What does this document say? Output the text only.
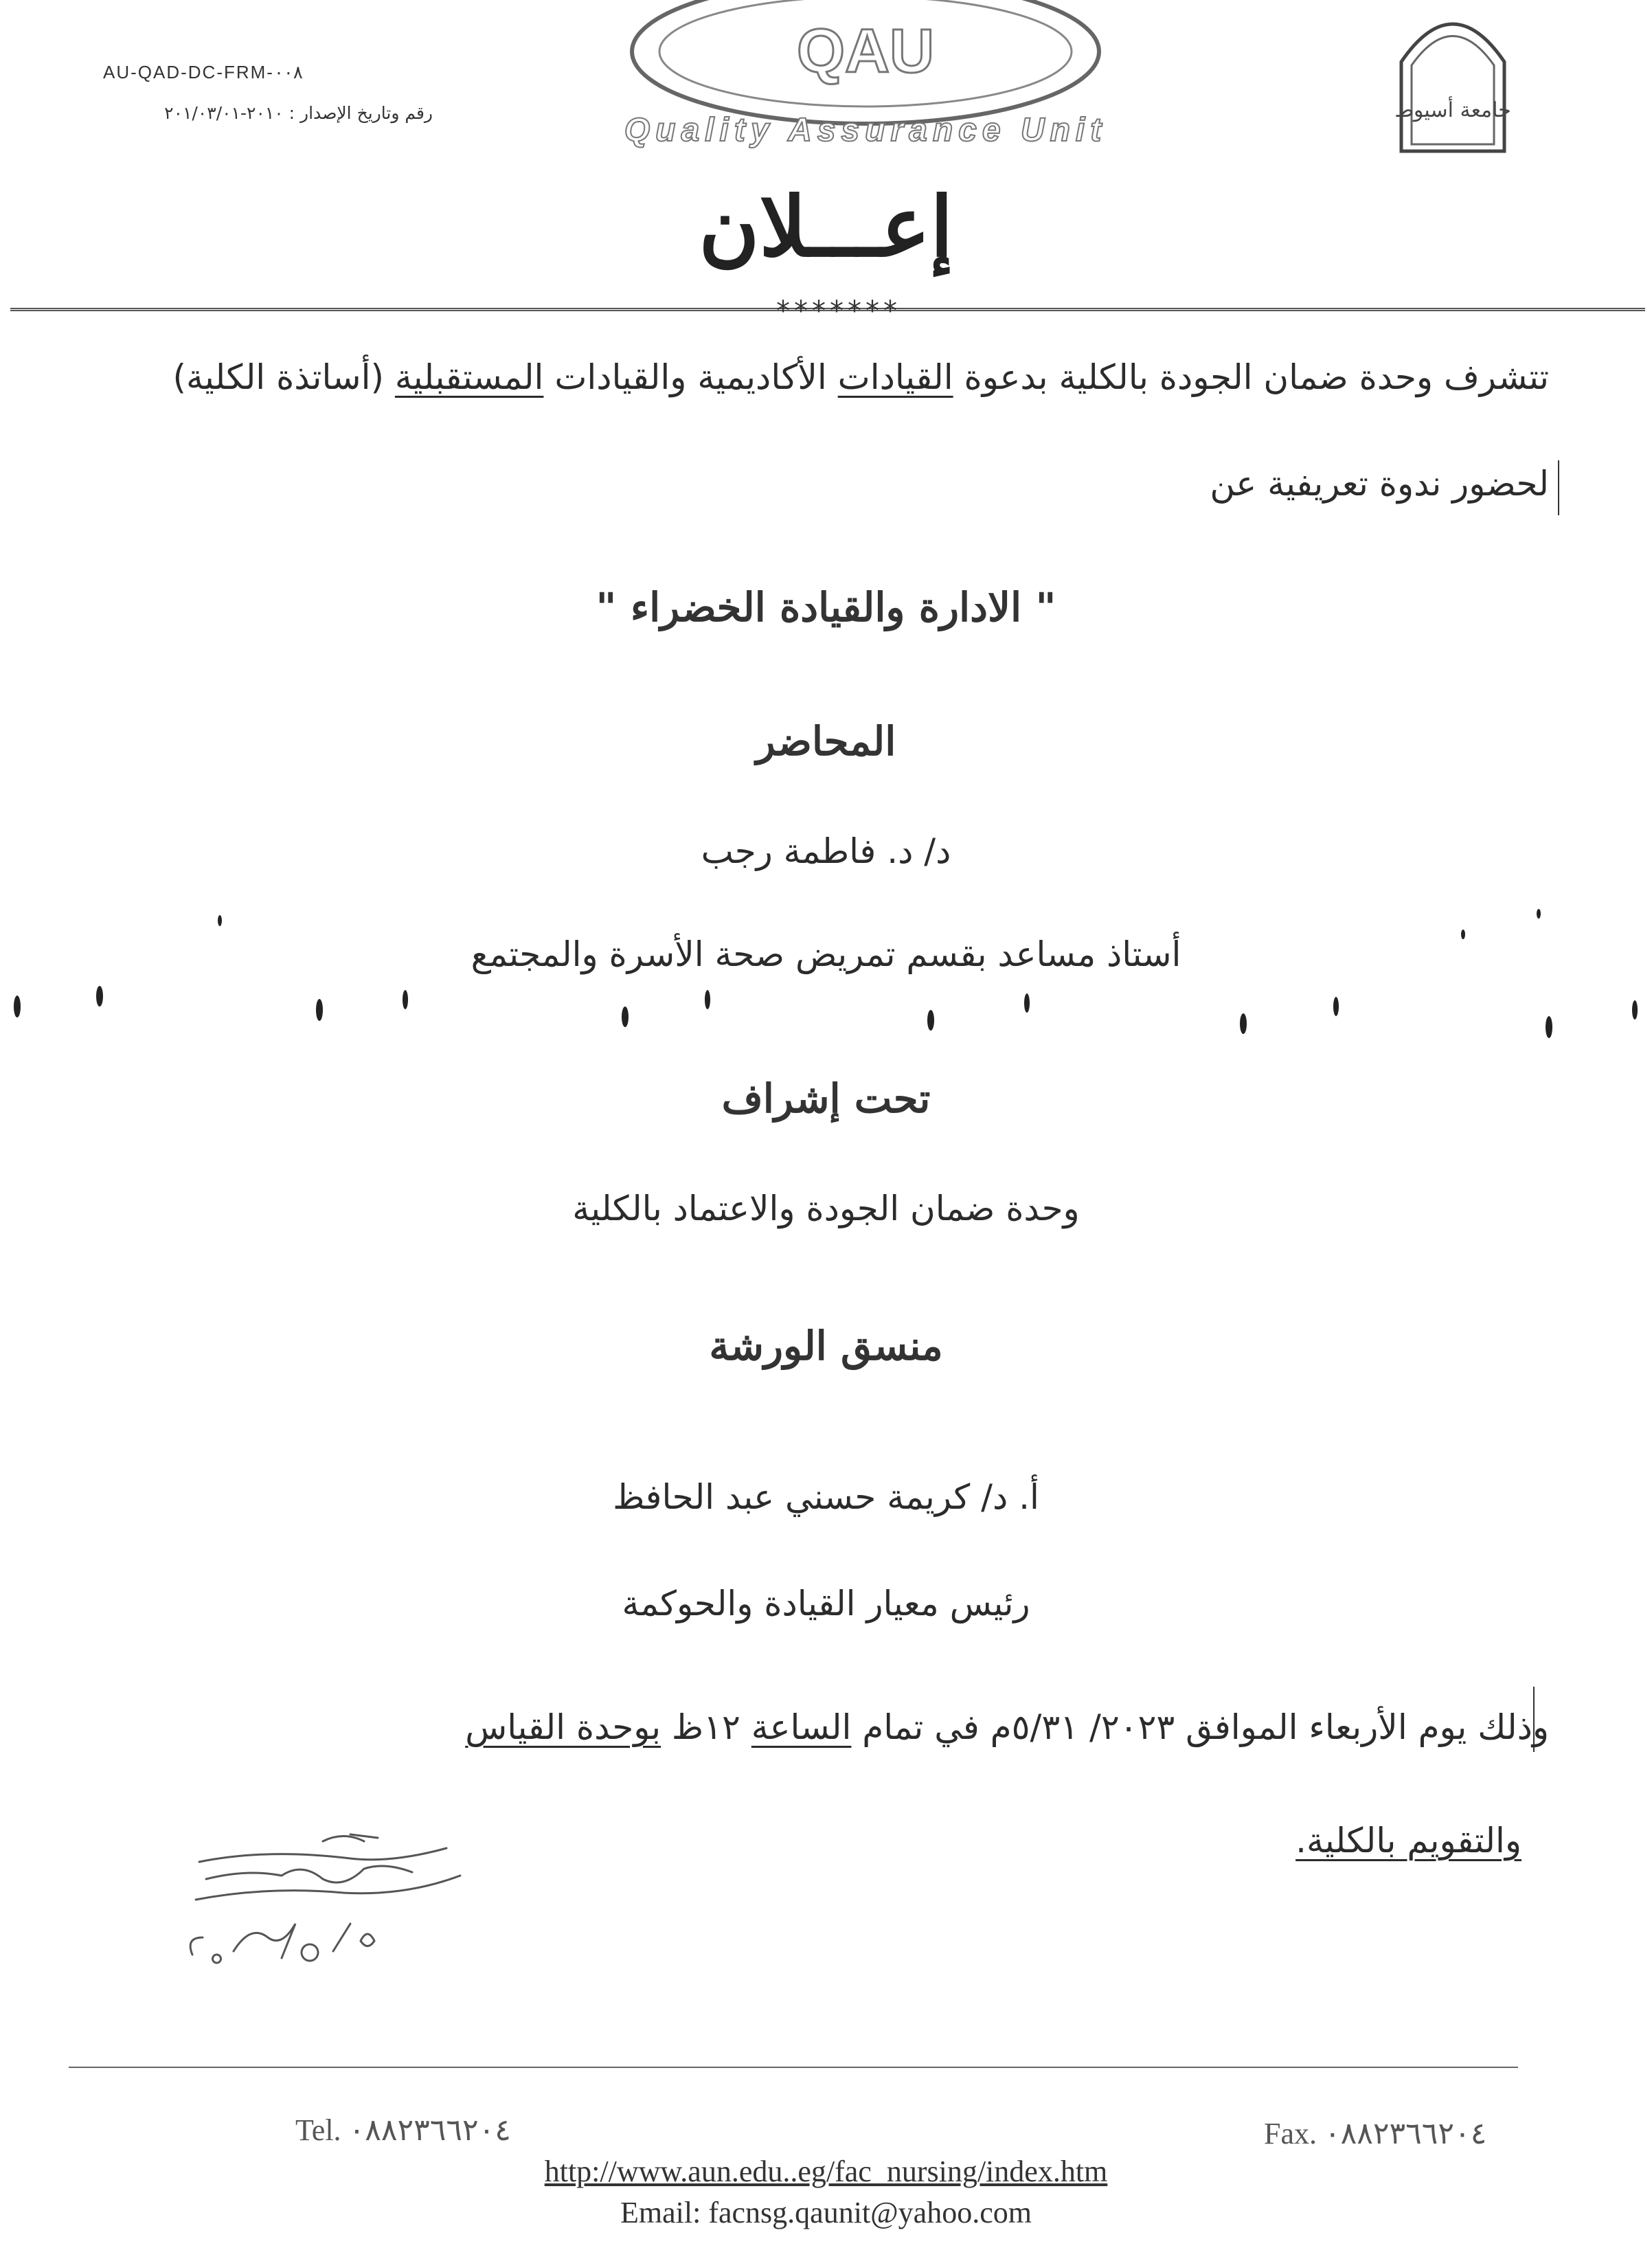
AU-QAD-DC-FRM-٠٠٨
رقم وتاريخ الإصدار : ٢٠١٠-٢٠١/٠٣/٠١
QAU
Quality Assurance Unit
جامعة أسيوط
إعـــلان
*******
تتشرف وحدة ضمان الجودة بالكلية بدعوة القيادات الأكاديمية والقيادات المستقبلية (أساتذة الكلية)
لحضور ندوة تعريفية عن
" الادارة والقيادة الخضراء "
المحاضر
د/ د. فاطمة رجب
أستاذ مساعد بقسم تمريض صحة الأسرة والمجتمع
تحت إشراف
وحدة ضمان الجودة والاعتماد بالكلية
منسق الورشة
أ. د/ كريمة حسني عبد الحافظ
رئيس معيار القيادة والحوكمة
وذلك يوم الأربعاء الموافق ٢٠٢٣/ ٥/٣١م في تمام الساعة ١٢ظ بوحدة القياس
والتقويم بالكلية.
Tel. ٠٨٨٢٣٦٦٢٠٤	Fax. ٠٨٨٢٣٦٦٢٠٤
http://www.aun.edu..eg/fac_nursing/index.htm
Email: facnsg.qaunit@yahoo.com
